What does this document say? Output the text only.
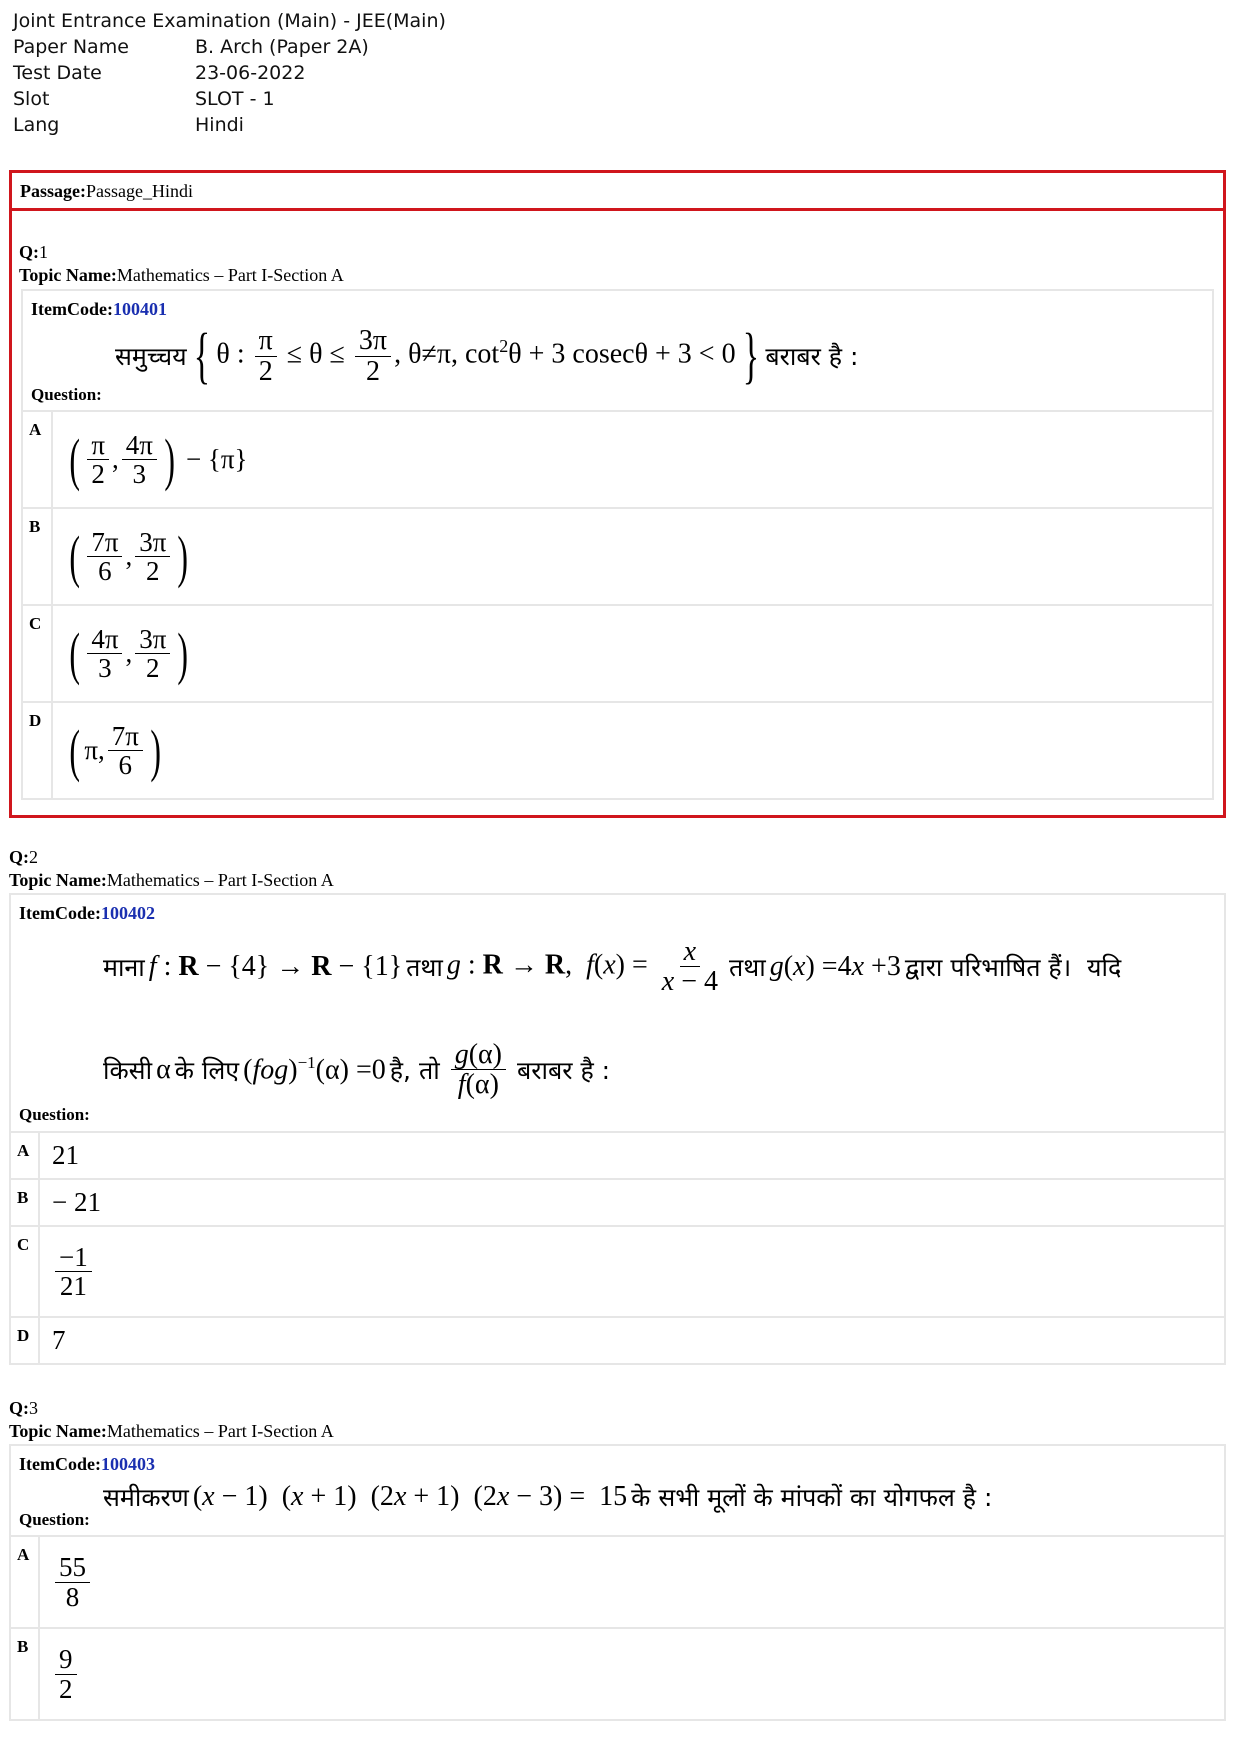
Joint Entrance Examination (Main) - JEE(Main)
Paper Name	B. Arch (Paper 2A)
Test Date	23-06-2022
Slot	SLOT - 1
Lang	Hindi
Passage:Passage_Hindi
Q:1
Topic Name:Mathematics – Part I-Section A
ItemCode:100401
समुच्चय { θ : $\frac{\pi}{2} \le \theta \le \frac{3\pi}{2}$ , θ≠π, $\cot^2\theta + 3$ cosecθ + 3 < 0 } बराबर है :
Question:
A ( $\frac{\pi}{2}$ , $\frac{4\pi}{3}$ ) − {π}
B ( $\frac{7\pi}{6}$ , $\frac{3\pi}{2}$ )
C ( $\frac{4\pi}{3}$ , $\frac{3\pi}{2}$ )
D ( π, $\frac{7\pi}{6}$ )
Q:2
Topic Name:Mathematics – Part I-Section A
ItemCode:100402
माना
f : R − {4} → R − {1}
तथा
g : R → R,  $f(x) = \frac{x}{x - 4}$
तथा
g(x) =4x +3
द्वारा परिभाषित हैं।  यदि
किसी
α
के लिए
(fog)$^{-1}$(α) =0
है, तो
$\frac{g(\alpha)}{f(\alpha)}$
बराबर है :
Question:
A 21
B − 21
C $\frac{-1}{21}$
D 7
Q:3
Topic Name:Mathematics – Part I-Section A
ItemCode:100403
समीकरण
(x − 1)  (x + 1)  (2x + 1)  (2x − 3) =  15
के सभी मूलों के मांपकों का योगफल है :
Question:
A $\frac{55}{8}$
B $\frac{9}{2}$
